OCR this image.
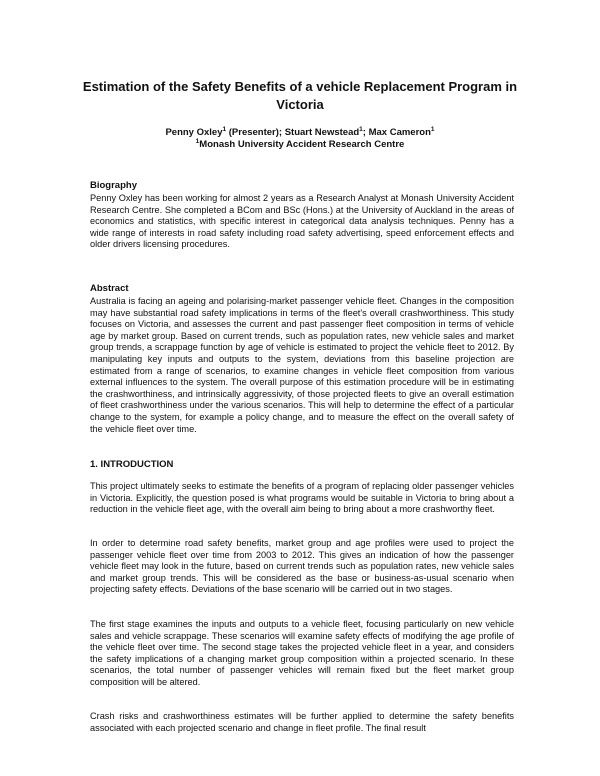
Estimation of the Safety Benefits of a vehicle Replacement Program in Victoria
Penny Oxley$^1$ (Presenter); Stuart Newstead$^1$; Max Cameron$^1$
$^1$Monash University Accident Research Centre
Biography

Penny Oxley has been working for almost 2 years as a Research Analyst at Monash University Accident Research Centre. She completed a BCom and BSc (Hons.) at the University of Auckland in the areas of economics and statistics, with specific interest in categorical data analysis techniques. Penny has a wide range of interests in road safety including road safety advertising, speed enforcement effects and older drivers licensing procedures.

Abstract

Australia is facing an ageing and polarising-market passenger vehicle fleet. Changes in the composition may have substantial road safety implications in terms of the fleet's overall crashworthiness. This study focuses on Victoria, and assesses the current and past passenger fleet composition in terms of vehicle age by market group. Based on current trends, such as population rates, new vehicle sales and market group trends, a scrappage function by age of vehicle is estimated to project the vehicle fleet to 2012. By manipulating key inputs and outputs to the system, deviations from this baseline projection are estimated from a range of scenarios, to examine changes in vehicle fleet composition from various external influences to the system. The overall purpose of this estimation procedure will be in estimating the crashworthiness, and intrinsically aggressivity, of those projected fleets to give an overall estimation of fleet crashworthiness under the various scenarios. This will help to determine the effect of a particular change to the system, for example a policy change, and to measure the effect on the overall safety of the vehicle fleet over time.

1. INTRODUCTION

This project ultimately seeks to estimate the benefits of a program of replacing older passenger vehicles in Victoria. Explicitly, the question posed is what programs would be suitable in Victoria to bring about a reduction in the vehicle fleet age, with the overall aim being to bring about a more crashworthy fleet.

In order to determine road safety benefits, market group and age profiles were used to project the passenger vehicle fleet over time from 2003 to 2012. This gives an indication of how the passenger vehicle fleet may look in the future, based on current trends such as population rates, new vehicle sales and market group trends. This will be considered as the base or business-as-usual scenario when projecting safety effects. Deviations of the base scenario will be carried out in two stages.

The first stage examines the inputs and outputs to a vehicle fleet, focusing particularly on new vehicle sales and vehicle scrappage. These scenarios will examine safety effects of modifying the age profile of the vehicle fleet over time. The second stage takes the projected vehicle fleet in a year, and considers the safety implications of a changing market group composition within a projected scenario. In these scenarios, the total number of passenger vehicles will remain fixed but the fleet market group composition will be altered.

Crash risks and crashworthiness estimates will be further applied to determine the safety benefits associated with each projected scenario and change in fleet profile. The final result
